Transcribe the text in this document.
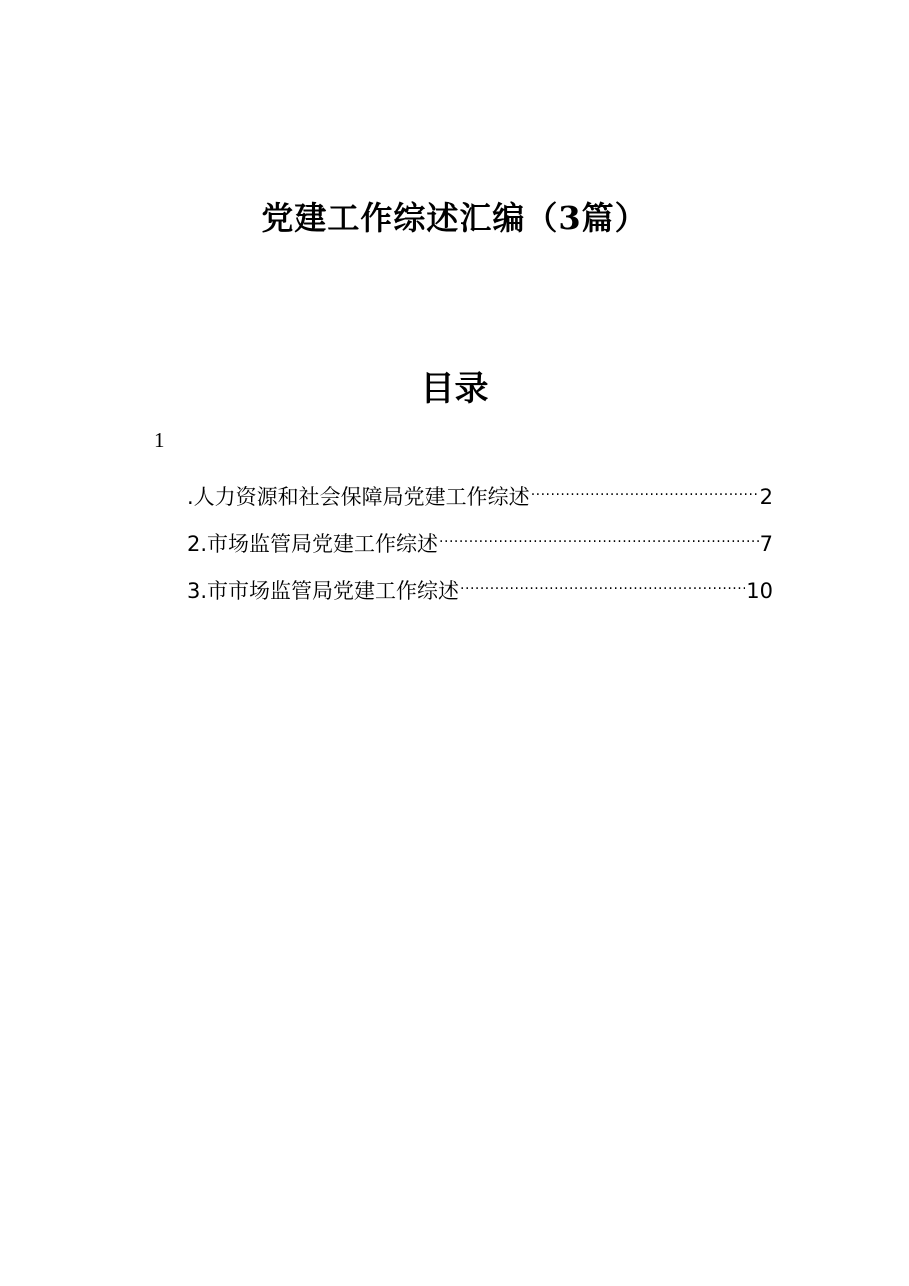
党建工作综述汇编（3篇）
目录
1
.人力资源和社会保障局党建工作综述 .....	2
2.市场监管局党建工作综述 .....	7
3.市市场监管局党建工作综述 .....	10
